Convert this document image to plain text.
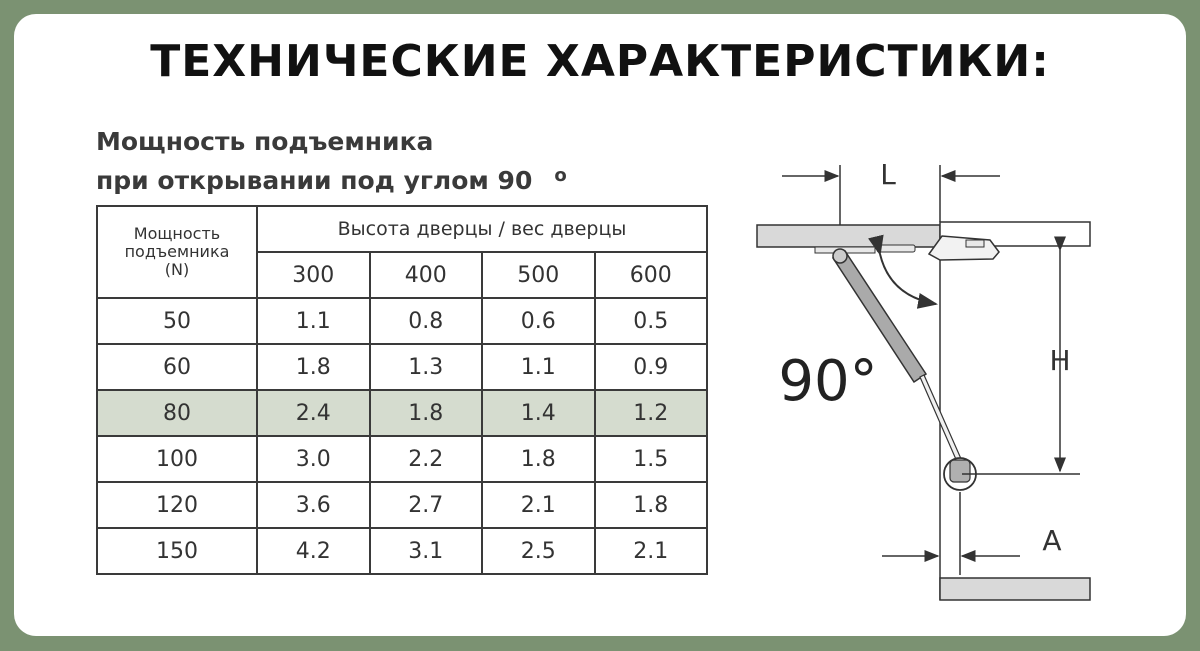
ТЕХНИЧЕСКИЕ ХАРАКТЕРИСТИКИ:
Мощность подъемника
при открывании под углом 90 $^o$
Мощность
подъемника
(N)	Высота дверцы / вес дверцы			
	300	400	500	600
50	1.1	0.8	0.6	0.5
60	1.8	1.3	1.1	0.9
80	2.4	1.8	1.4	1.2
100	3.0	2.2	1.8	1.5
120	3.6	2.7	2.1	1.8
150	4.2	3.1	2.5	2.1
L
90°	H
A
